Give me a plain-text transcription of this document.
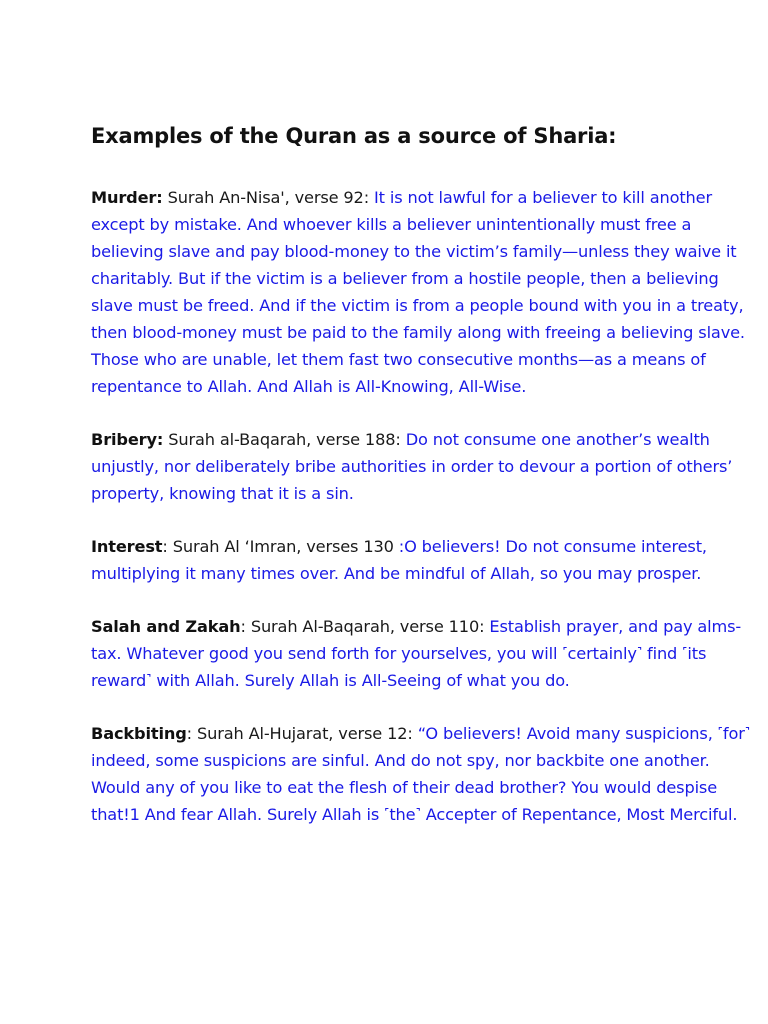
Examples of the Quran as a source of Sharia:

Murder: Surah An-Nisa', verse 92: It is not lawful for a believer to kill another except by mistake. And whoever kills a believer unintentionally must free a believing slave and pay blood-money to the victim’s family—unless they waive it charitably. But if the victim is a believer from a hostile people, then a believing slave must be freed. And if the victim is from a people bound with you in a treaty, then blood-money must be paid to the family along with freeing a believing slave. Those who are unable, let them fast two consecutive months—as a means of repentance to Allah. And Allah is All-Knowing, All-Wise.

Bribery: Surah al-Baqarah, verse 188: Do not consume one another’s wealth unjustly, nor deliberately bribe authorities in order to devour a portion of others’ property, knowing that it is a sin.

Interest: Surah Al ‘Imran, verses 130 :O believers! Do not consume interest, multiplying it many times over. And be mindful of Allah, so you may prosper.

Salah and Zakah: Surah Al-Baqarah, verse 110: Establish prayer, and pay alms-tax. Whatever good you send forth for yourselves, you will ˹certainly˺ find ˹its reward˺ with Allah. Surely Allah is All-Seeing of what you do.

Backbiting: Surah Al-Hujarat, verse 12: “O believers! Avoid many suspicions, ˹for˺ indeed, some suspicions are sinful. And do not spy, nor backbite one another. Would any of you like to eat the flesh of their dead brother? You would despise that!1 And fear Allah. Surely Allah is ˹the˺ Accepter of Repentance, Most Merciful.
